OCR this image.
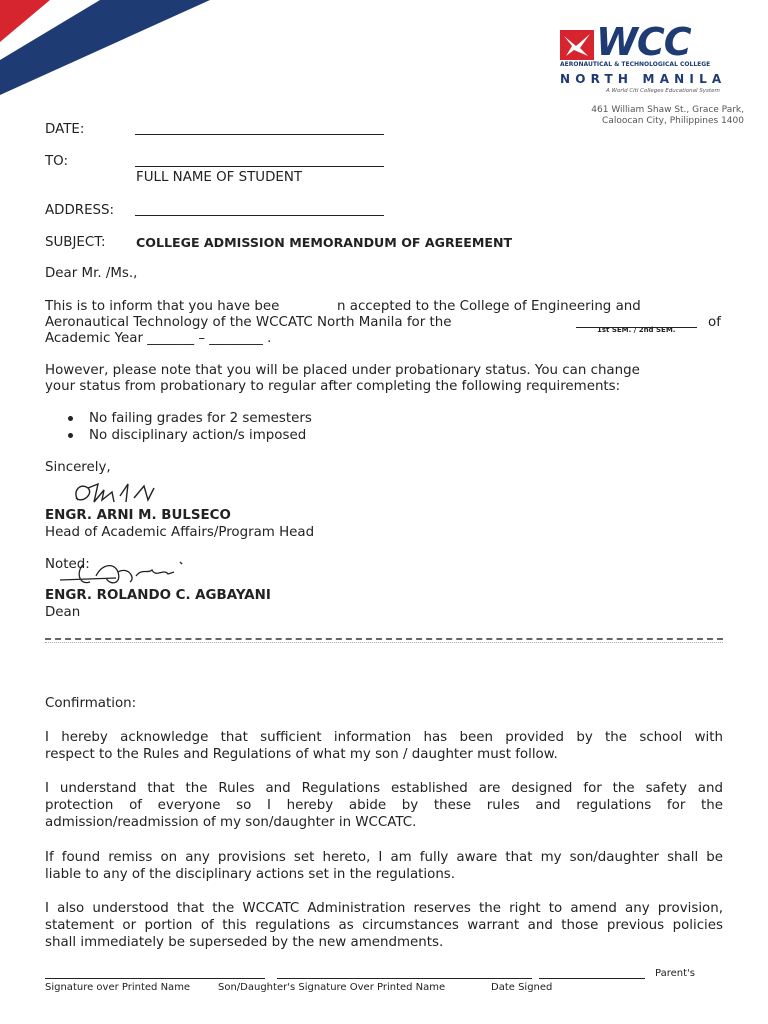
WCC
AERONAUTICAL & TECHNOLOGICAL COLLEGE
NORTH MANILA
A World Citi Colleges Educational System
461 William Shaw St., Grace Park,
Caloocan City, Philippines 1400
DATE:
TO:
FULL NAME OF STUDENT
ADDRESS:
SUBJECT: COLLEGE ADMISSION MEMORANDUM OF AGREEMENT
Dear Mr. /Ms.,
This is to inform that you have bee	n accepted to the College of Engineering and
Aeronautical Technology of the WCCATC North Manila for the	1st SEM. / 2nd SEM. of
Academic Year _______ – ________ .
However, please note that you will be placed under probationary status. You can change
your status from probationary to regular after completing the following requirements:
No failing grades for 2 semesters
No disciplinary action/s imposed
Sincerely,
ENGR. ARNI M. BULSECO
Head of Academic Affairs/Program Head
Noted:
ENGR. ROLANDO C. AGBAYANI
Dean
Confirmation:
I hereby acknowledge that sufficient information has been provided by the school with
respect to the Rules and Regulations of what my son / daughter must follow.
I understand that the Rules and Regulations established are designed for the safety and
protection of everyone so I hereby abide by these rules and regulations for the
admission/readmission of my son/daughter in WCCATC.
If found remiss on any provisions set hereto, I am fully aware that my son/daughter shall be
liable to any of the disciplinary actions set in the regulations.
I also understood that the WCCATC Administration reserves the right to amend any provision,
statement or portion of this regulations as circumstances warrant and those previous policies
shall immediately be superseded by the new amendments.
Parent's
Signature over Printed Name	Son/Daughter's Signature Over Printed Name	Date Signed
